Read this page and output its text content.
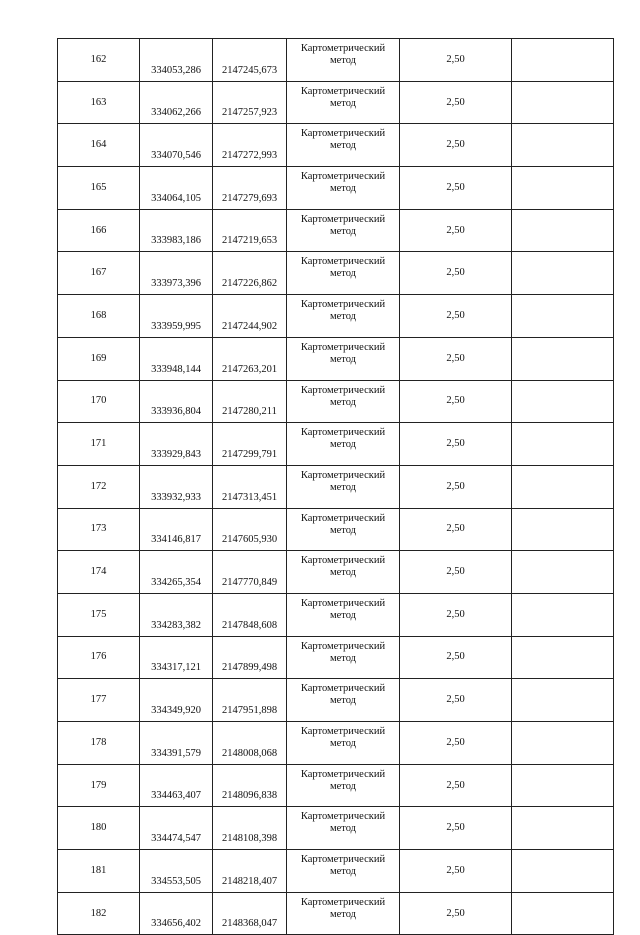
162	334053,286	2147245,673	Картометрический метод	2,50	
163	334062,266	2147257,923	Картометрический метод	2,50	
164	334070,546	2147272,993	Картометрический метод	2,50	
165	334064,105	2147279,693	Картометрический метод	2,50	
166	333983,186	2147219,653	Картометрический метод	2,50	
167	333973,396	2147226,862	Картометрический метод	2,50	
168	333959,995	2147244,902	Картометрический метод	2,50	
169	333948,144	2147263,201	Картометрический метод	2,50	
170	333936,804	2147280,211	Картометрический метод	2,50	
171	333929,843	2147299,791	Картометрический метод	2,50	
172	333932,933	2147313,451	Картометрический метод	2,50	
173	334146,817	2147605,930	Картометрический метод	2,50	
174	334265,354	2147770,849	Картометрический метод	2,50	
175	334283,382	2147848,608	Картометрический метод	2,50	
176	334317,121	2147899,498	Картометрический метод	2,50	
177	334349,920	2147951,898	Картометрический метод	2,50	
178	334391,579	2148008,068	Картометрический метод	2,50	
179	334463,407	2148096,838	Картометрический метод	2,50	
180	334474,547	2148108,398	Картометрический метод	2,50	
181	334553,505	2148218,407	Картометрический метод	2,50	
182	334656,402	2148368,047	Картометрический метод	2,50	
